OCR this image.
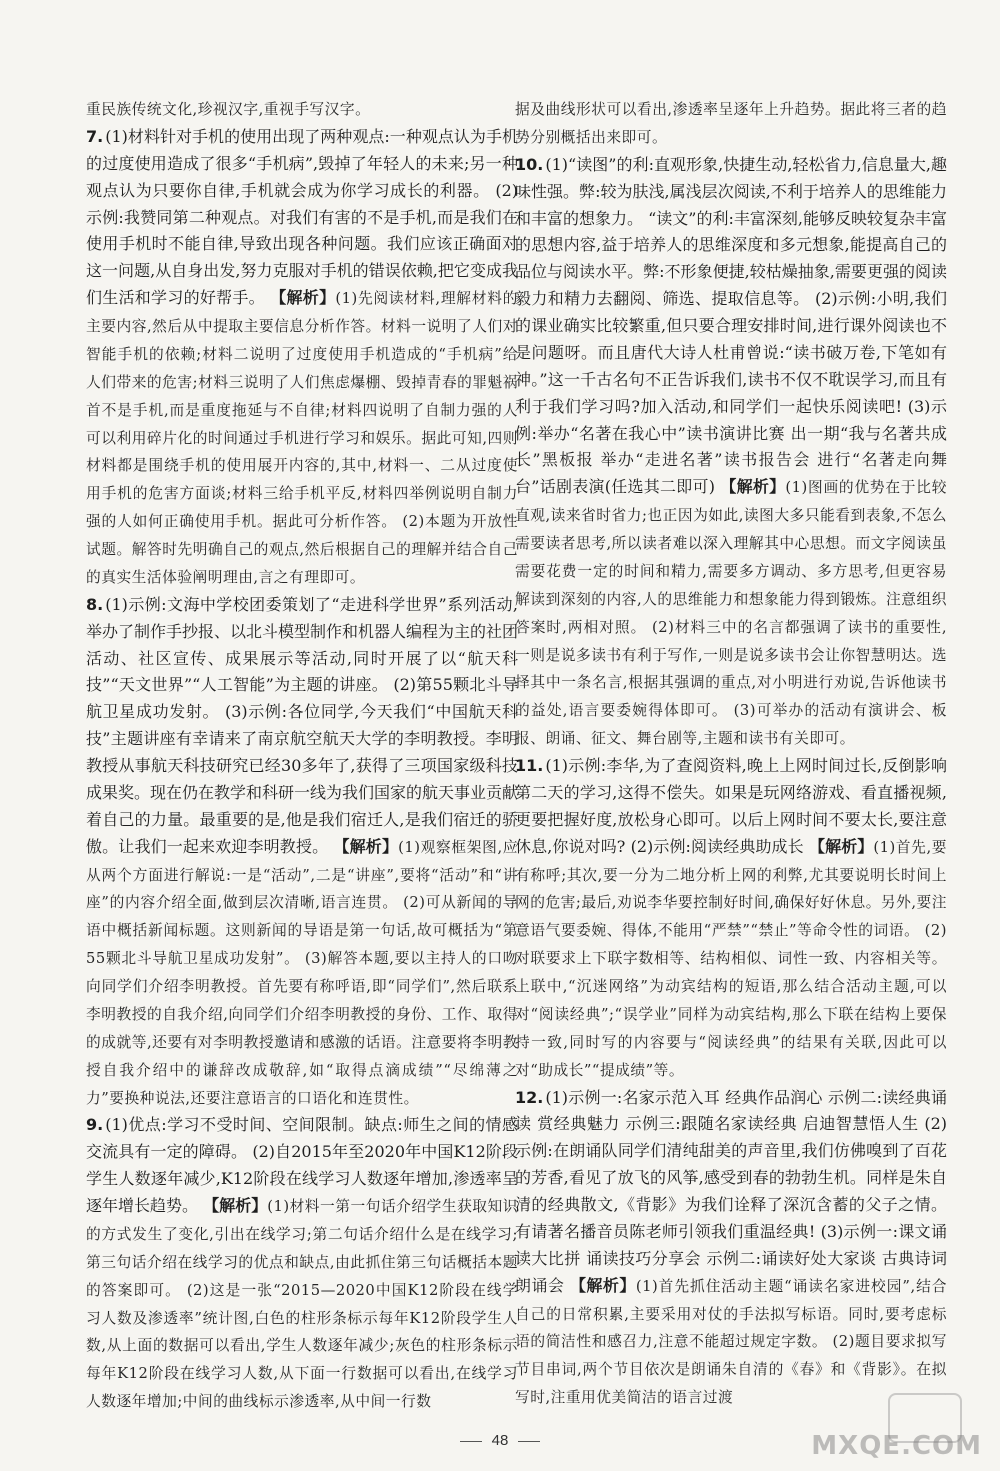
重民族传统文化,珍视汉字,重视手写汉字。
7. (1)材料针对手机的使用出现了两种观点:一种观点认为手机的过度使用造成了很多“手机病”,毁掉了年轻人的未来;另一种观点认为只要你自律,手机就会成为你学习成长的利器。 (2)示例:我赞同第二种观点。对我们有害的不是手机,而是我们在使用手机时不能自律,导致出现各种问题。我们应该正确面对这一问题,从自身出发,努力克服对手机的错误依赖,把它变成我们生活和学习的好帮手。 【解析】(1)先阅读材料,理解材料的主要内容,然后从中提取主要信息分析作答。材料一说明了人们对智能手机的依赖;材料二说明了过度使用手机造成的“手机病”给人们带来的危害;材料三说明了人们焦虑爆棚、毁掉青春的罪魁祸首不是手机,而是重度拖延与不自律;材料四说明了自制力强的人可以利用碎片化的时间通过手机进行学习和娱乐。据此可知,四则材料都是围绕手机的使用展开内容的,其中,材料一、二从过度使用手机的危害方面谈;材料三给手机平反,材料四举例说明自制力强的人如何正确使用手机。据此可分析作答。 (2)本题为开放性试题。解答时先明确自己的观点,然后根据自己的理解并结合自己的真实生活体验阐明理由,言之有理即可。
8. (1)示例:文海中学校团委策划了“走进科学世界”系列活动,举办了制作手抄报、以北斗模型制作和机器人编程为主的社团活动、社区宣传、成果展示等活动,同时开展了以“航天科技”“天文世界”“人工智能”为主题的讲座。 (2)第55颗北斗导航卫星成功发射。 (3)示例:各位同学,今天我们“中国航天科技”主题讲座有幸请来了南京航空航天大学的李明教授。李明教授从事航天科技研究已经30多年了,获得了三项国家级科技成果奖。现在仍在教学和科研一线为我们国家的航天事业贡献着自己的力量。最重要的是,他是我们宿迁人,是我们宿迁的骄傲。让我们一起来欢迎李明教授。 【解析】(1)观察框架图,应从两个方面进行解说:一是“活动”,二是“讲座”,要将“活动”和“讲座”的内容介绍全面,做到层次清晰,语言连贯。 (2)可从新闻的导语中概括新闻标题。这则新闻的导语是第一句话,故可概括为“第55颗北斗导航卫星成功发射”。 (3)解答本题,要以主持人的口吻向同学们介绍李明教授。首先要有称呼语,即“同学们”,然后联系李明教授的自我介绍,向同学们介绍李明教授的身份、工作、取得的成就等,还要有对李明教授邀请和感激的话语。注意要将李明教授自我介绍中的谦辞改成敬辞,如“取得点滴成绩”“尽绵薄之力”要换种说法,还要注意语言的口语化和连贯性。
9. (1)优点:学习不受时间、空间限制。缺点:师生之间的情感交流具有一定的障碍。 (2)自2015年至2020年中国K12阶段学生人数逐年减少,K12阶段在线学习人数逐年增加,渗透率呈逐年增长趋势。 【解析】(1)材料一第一句话介绍学生获取知识的方式发生了变化,引出在线学习;第二句话介绍什么是在线学习;第三句话介绍在线学习的优点和缺点,由此抓住第三句话概括本题的答案即可。 (2)这是一张“2015—2020中国K12阶段在线学习人数及渗透率”统计图,白色的柱形条标示每年K12阶段学生人数,从上面的数据可以看出,学生人数逐年减少;灰色的柱形条标示每年K12阶段在线学习人数,从下面一行数据可以看出,在线学习人数逐年增加;中间的曲线标示渗透率,从中间一行数
据及曲线形状可以看出,渗透率呈逐年上升趋势。据此将三者的趋势分别概括出来即可。
10. (1)“读图”的利:直观形象,快捷生动,轻松省力,信息量大,趣味性强。弊:较为肤浅,属浅层次阅读,不利于培养人的思维能力和丰富的想象力。 “读文”的利:丰富深刻,能够反映较复杂丰富的思想内容,益于培养人的思维深度和多元想象,能提高自己的品位与阅读水平。弊:不形象便捷,较枯燥抽象,需要更强的阅读毅力和精力去翻阅、筛选、提取信息等。 (2)示例:小明,我们的课业确实比较繁重,但只要合理安排时间,进行课外阅读也不是问题呀。而且唐代大诗人杜甫曾说:“读书破万卷,下笔如有神。”这一千古名句不正告诉我们,读书不仅不耽误学习,而且有利于我们学习吗?加入活动,和同学们一起快乐阅读吧! (3)示例:举办“名著在我心中”读书演讲比赛 出一期“我与名著共成长”黑板报 举办“走进名著”读书报告会 进行“名著走向舞台”话剧表演(任选其二即可) 【解析】(1)图画的优势在于比较直观,读来省时省力;也正因为如此,读图大多只能看到表象,不怎么需要读者思考,所以读者难以深入理解其中心思想。而文字阅读虽需要花费一定的时间和精力,需要多方调动、多方思考,但更容易解读到深刻的内容,人的思维能力和想象能力得到锻炼。注意组织答案时,两相对照。 (2)材料三中的名言都强调了读书的重要性,一则是说多读书有利于写作,一则是说多读书会让你智慧明达。选择其中一条名言,根据其强调的重点,对小明进行劝说,告诉他读书的益处,语言要委婉得体即可。 (3)可举办的活动有演讲会、板报、朗诵、征文、舞台剧等,主题和读书有关即可。
11. (1)示例:李华,为了查阅资料,晚上上网时间过长,反倒影响第二天的学习,这得不偿失。如果是玩网络游戏、看直播视频,更要把握好度,放松身心即可。以后上网时间不要太长,要注意休息,你说对吗? (2)示例:阅读经典助成长 【解析】(1)首先,要有称呼;其次,要一分为二地分析上网的利弊,尤其要说明长时间上网的危害;最后,劝说李华要控制好时间,确保好好休息。另外,要注意语气要委婉、得体,不能用“严禁”“禁止”等命令性的词语。 (2)对联要求上下联字数相等、结构相似、词性一致、内容相关等。上联中,“沉迷网络”为动宾结构的短语,那么结合活动主题,可以对“阅读经典”;“误学业”同样为动宾结构,那么下联在结构上要保持一致,同时写的内容要与“阅读经典”的结果有关联,因此可以对“助成长”“提成绩”等。
12. (1)示例一:名家示范入耳 经典作品润心 示例二:读经典诵读 赏经典魅力 示例三:跟随名家读经典 启迪智慧悟人生 (2)示例:在朗诵队同学们清纯甜美的声音里,我们仿佛嗅到了百花的芳香,看见了放飞的风筝,感受到春的勃勃生机。同样是朱自清的经典散文,《背影》为我们诠释了深沉含蓄的父子之情。有请著名播音员陈老师引领我们重温经典! (3)示例一:课文诵读大比拼 诵读技巧分享会 示例二:诵读好处大家谈 古典诗词朗诵会 【解析】(1)首先抓住活动主题“诵读名家进校园”,结合自己的日常积累,主要采用对仗的手法拟写标语。同时,要考虑标语的简洁性和感召力,注意不能超过规定字数。 (2)题目要求拟写节目串词,两个节目依次是朗诵朱自清的《春》和《背影》。在拟写时,注重用优美简洁的语言过渡
48	MXQE.COM
